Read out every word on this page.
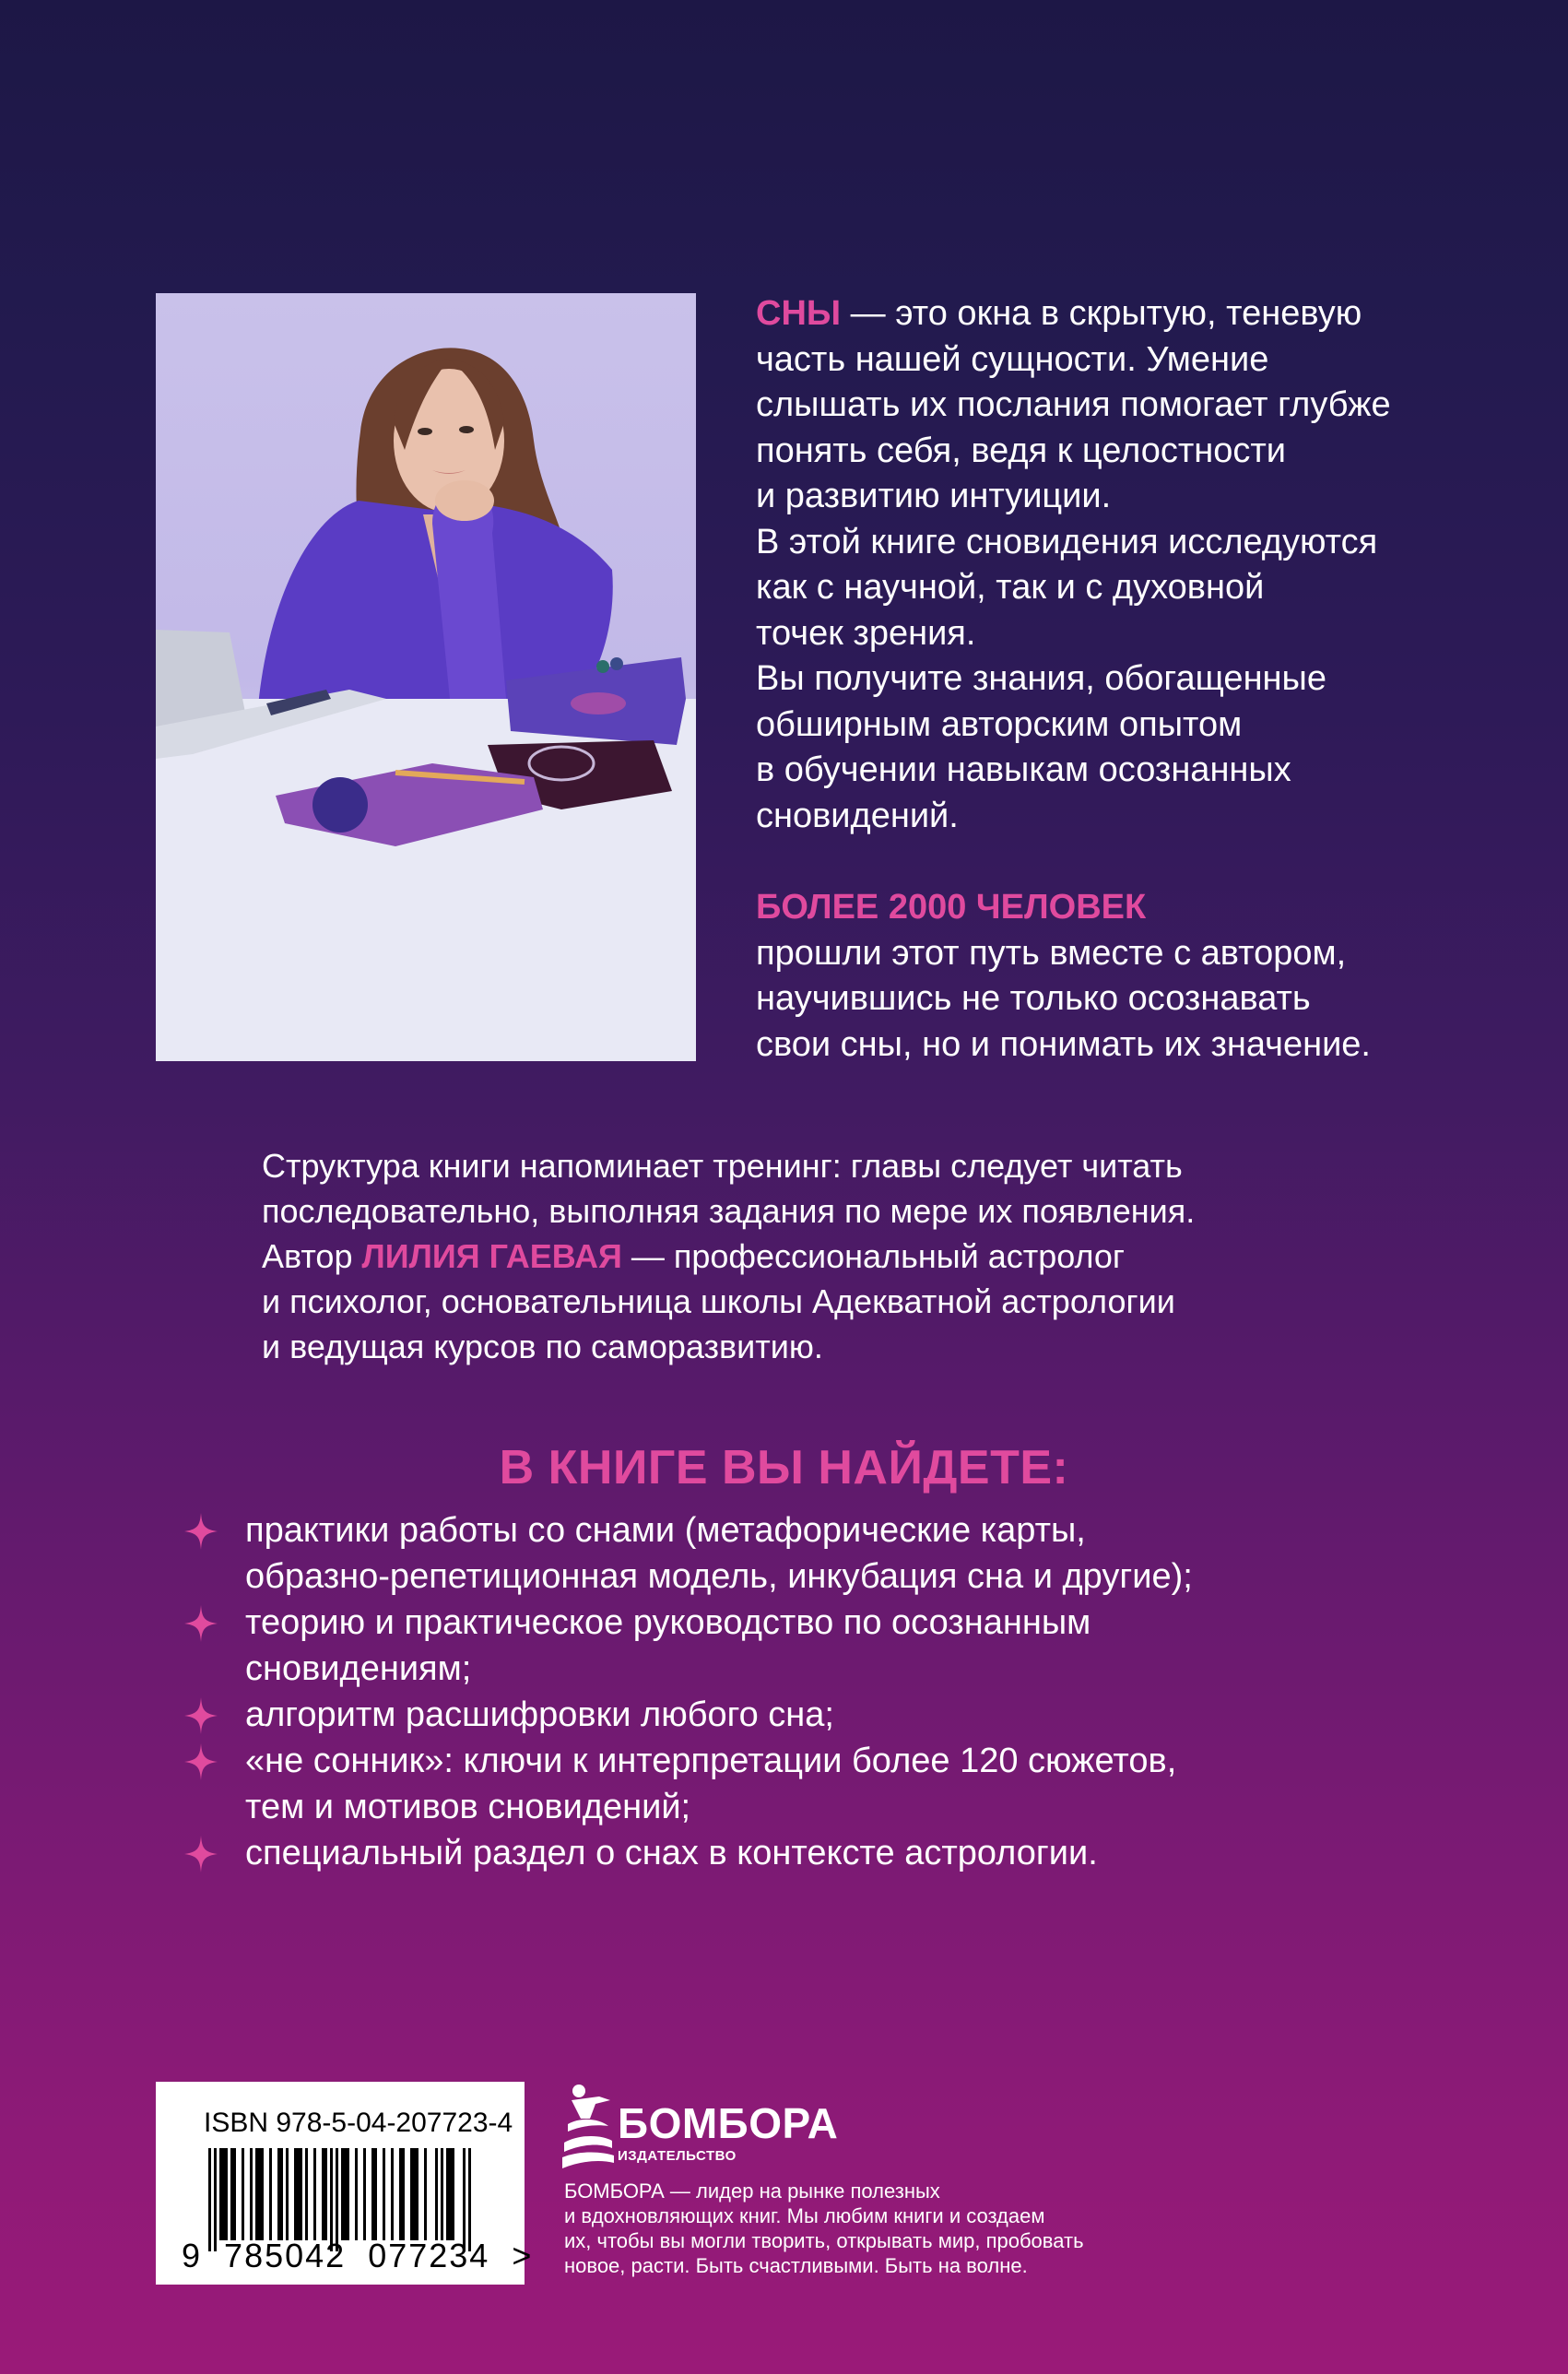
СНЫ — это окна в скрытую, теневую

часть нашей сущности. Умение

слышать их послания помогает глубже

понять себя, ведя к целостности

и развитию интуиции.

В этой книге сновидения исследуются

как с научной, так и с духовной

точек зрения.

Вы получите знания, обогащенные

обширным авторским опытом

в обучении навыкам осознанных

сновидений.

БОЛЕЕ 2000 ЧЕЛОВЕК
прошли этот путь вместе с автором,
научившись не только осознавать
свои сны, но и понимать их значение.
Структура книги напоминает тренинг: главы следует читать
последовательно, выполняя задания по мере их появления.
Автор ЛИЛИЯ ГАЕВАЯ — профессиональный астролог
и психолог, основательница школы Адекватной астрологии
и ведущая курсов по саморазвитию.
В КНИГЕ ВЫ НАЙДЕТЕ:
практики работы со снами (метафорические карты,
образно-репетиционная модель, инкубация сна и другие);
теорию и практическое руководство по осознанным
сновидениям;
алгоритм расшифровки любого сна;
«не сонник»: ключи к интерпретации более 120 сюжетов,
тем и мотивов сновидений;
специальный раздел о снах в контексте астрологии.
ISBN 978-5-04-207723-4
9 785042 077234 >
БОМБОРА
ИЗДАТЕЛЬСТВО
БОМБОРА — лидер на рынке полезных
и вдохновляющих книг. Мы любим книги и создаем
их, чтобы вы могли творить, открывать мир, пробовать
новое, расти. Быть счастливыми. Быть на волне.
